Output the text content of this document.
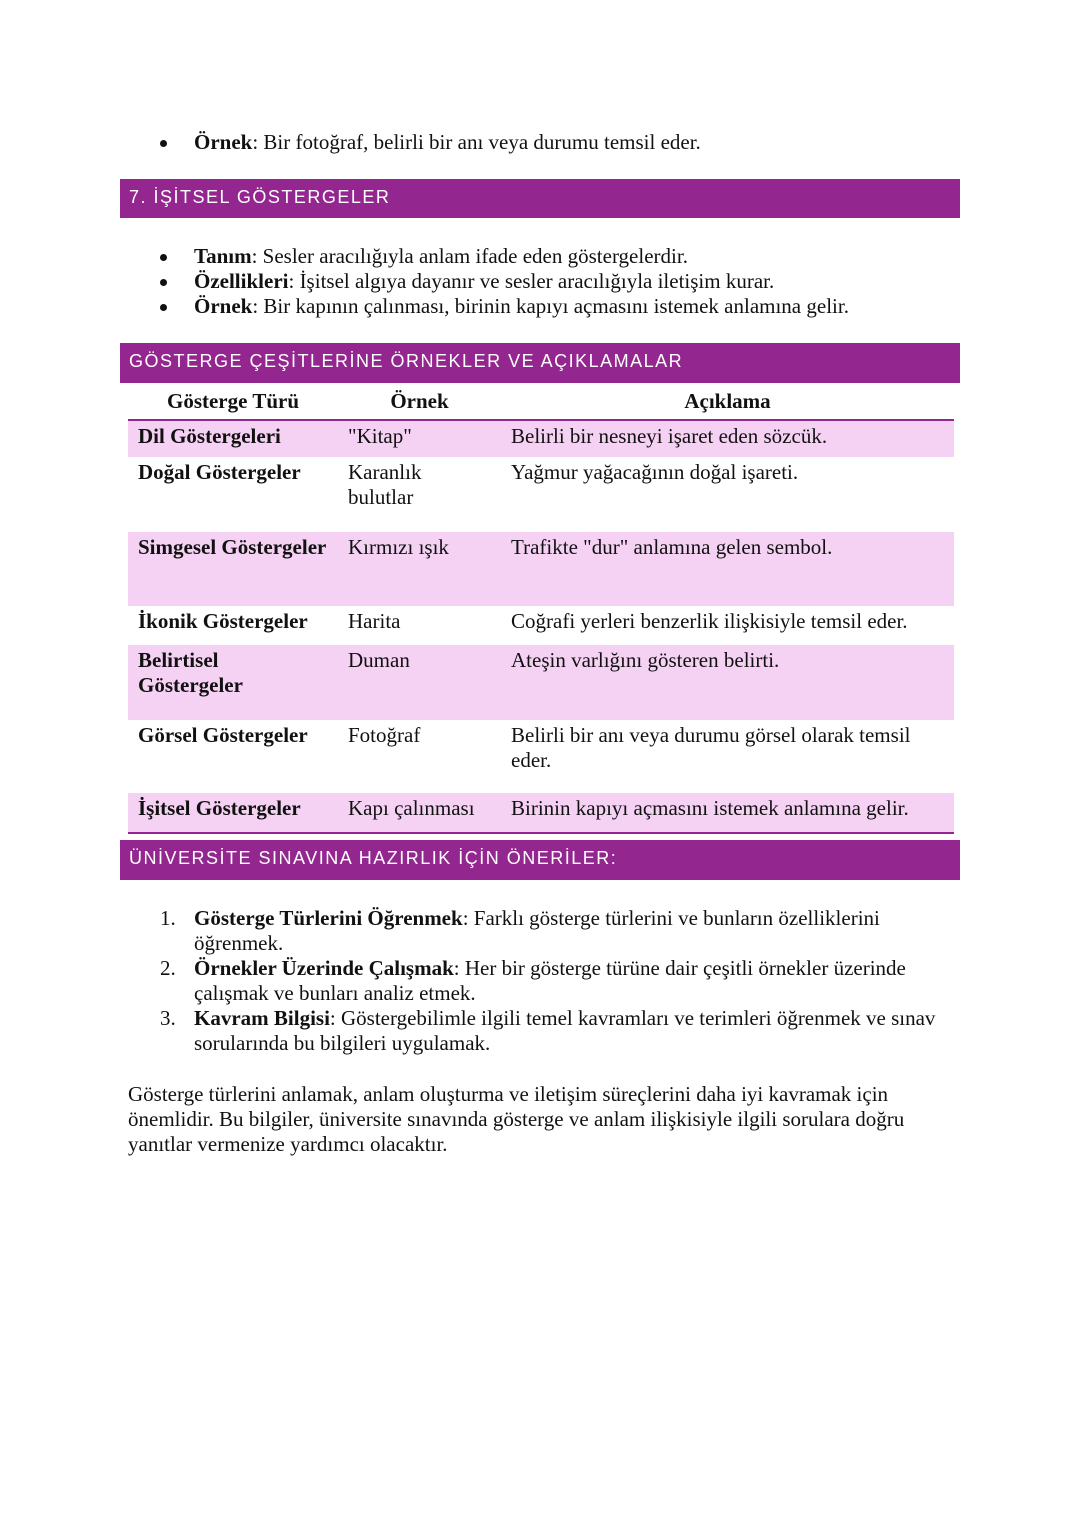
Örnek: Bir fotoğraf, belirli bir anı veya durumu temsil eder.
7. İŞİTSEL GÖSTERGELER
Tanım: Sesler aracılığıyla anlam ifade eden göstergelerdir.
Özellikleri: İşitsel algıya dayanır ve sesler aracılığıyla iletişim kurar.
Örnek: Bir kapının çalınması, birinin kapıyı açmasını istemek anlamına gelir.
GÖSTERGE ÇEŞİTLERİNE ÖRNEKLER VE AÇIKLAMALAR
Gösterge Türü	Örnek	Açıklama
Dil Göstergeleri	"Kitap"	Belirli bir nesneyi işaret eden sözcük.
Doğal Göstergeler	Karanlık bulutlar	Yağmur yağacağının doğal işareti.
Simgesel Göstergeler	Kırmızı ışık	Trafikte "dur" anlamına gelen sembol.
İkonik Göstergeler	Harita	Coğrafi yerleri benzerlik ilişkisiyle temsil eder.
Belirtisel Göstergeler	Duman	Ateşin varlığını gösteren belirti.
Görsel Göstergeler	Fotoğraf	Belirli bir anı veya durumu görsel olarak temsil eder.
İşitsel Göstergeler	Kapı çalınması	Birinin kapıyı açmasını istemek anlamına gelir.
ÜNİVERSİTE SINAVINA HAZIRLIK İÇİN ÖNERİLER:
1. Gösterge Türlerini Öğrenmek: Farklı gösterge türlerini ve bunların özelliklerini öğrenmek.
2. Örnekler Üzerinde Çalışmak: Her bir gösterge türüne dair çeşitli örnekler üzerinde çalışmak ve bunları analiz etmek.
3. Kavram Bilgisi: Göstergebilimle ilgili temel kavramları ve terimleri öğrenmek ve sınav sorularında bu bilgileri uygulamak.

Gösterge türlerini anlamak, anlam oluşturma ve iletişim süreçlerini daha iyi kavramak için önemlidir. Bu bilgiler, üniversite sınavında gösterge ve anlam ilişkisiyle ilgili sorulara doğru yanıtlar vermenize yardımcı olacaktır.
